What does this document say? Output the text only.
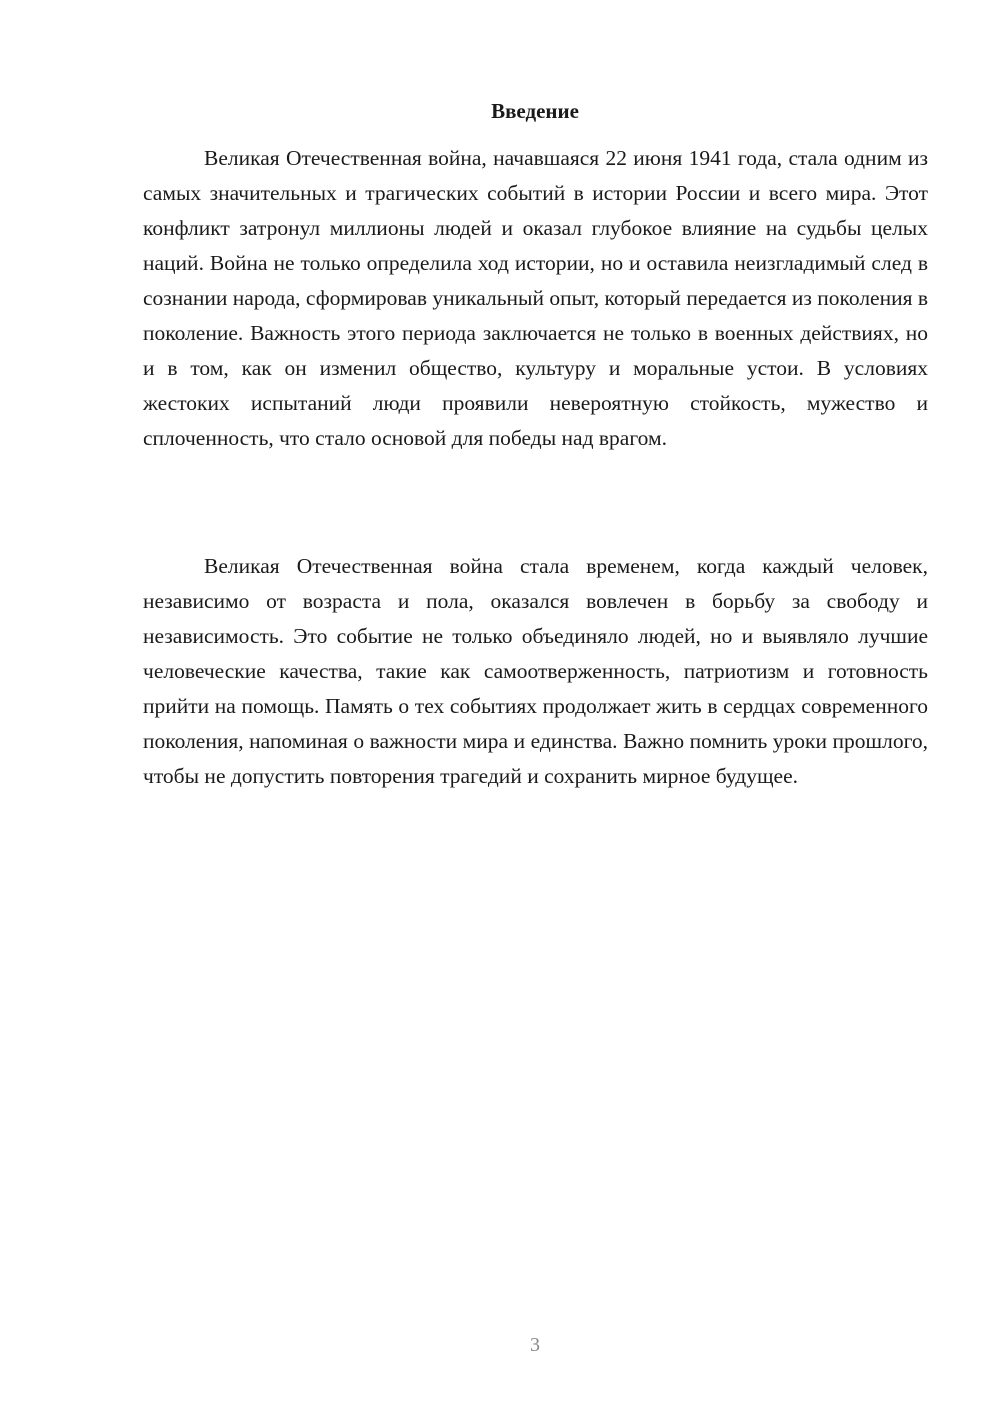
Введение

Великая Отечественная война, начавшаяся 22 июня 1941 года, стала одним из самых значительных и трагических событий в истории России и всего мира. Этот конфликт затронул миллионы людей и оказал глубокое влияние на судьбы целых наций. Война не только определила ход истории, но и оставила неизгладимый след в сознании народа, сформировав уникальный опыт, который передается из поколения в поколение. Важность этого периода заключается не только в военных действиях, но и в том, как он изменил общество, культуру и моральные устои. В условиях жестоких испытаний люди проявили невероятную стойкость, мужество и сплоченность, что стало основой для победы над врагом.

Великая Отечественная война стала временем, когда каждый человек, независимо от возраста и пола, оказался вовлечен в борьбу за свободу и независимость. Это событие не только объединяло людей, но и выявляло лучшие человеческие качества, такие как самоотверженность, патриотизм и готовность прийти на помощь. Память о тех событиях продолжает жить в сердцах современного поколения, напоминая о важности мира и единства. Важно помнить уроки прошлого, чтобы не допустить повторения трагедий и сохранить мирное будущее.

3
